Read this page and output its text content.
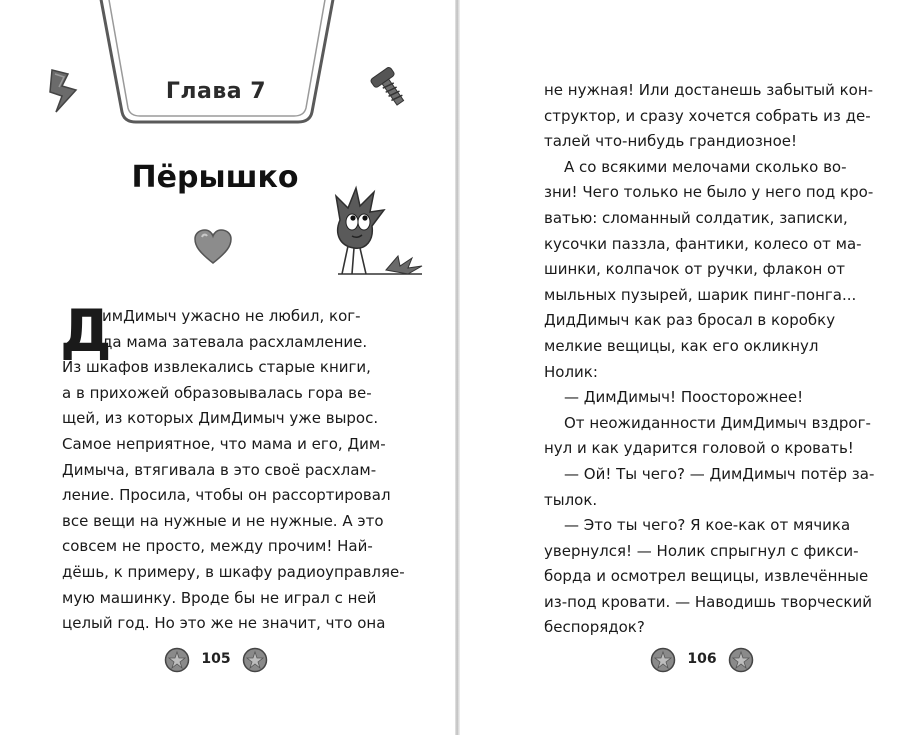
Глава 7
Пёрышко
Д
имДимыч ужасно не любил, ког-
да мама затевала расхламление.
Из шкафов извлекались старые книги,
а в прихожей образовывалась гора ве-
щей, из которых ДимДимыч уже вырос.
Самое неприятное, что мама и его, Дим-
Димыча, втягивала в это своё расхлам-
ление. Просила, чтобы он рассортировал
все вещи на нужные и не нужные. А это
совсем не просто, между прочим! Най-
дёшь, к примеру, в шкафу радиоуправляе-
мую машинку. Вроде бы не играл с ней
целый год. Но это же не значит, что она
не нужная! Или достанешь забытый кон-
структор, и сразу хочется собрать из де-
талей что-нибудь грандиозное!
А со всякими мелочами сколько во-
зни! Чего только не было у него под кро-
ватью: сломанный солдатик, записки,
кусочки паззла, фантики, колесо от ма-
шинки, колпачок от ручки, флакон от
мыльных пузырей, шарик пинг-понга...
ДидДимыч как раз бросал в коробку
мелкие вещицы, как его окликнул
Нолик:
— ДимДимыч! Поосторожнее!
От неожиданности ДимДимыч вздрог-
нул и как ударится головой о кровать!
— Ой! Ты чего? — ДимДимыч потёр за-
тылок.
— Это ты чего? Я кое-как от мячика
увернулся! — Нолик спрыгнул с фикси-
борда и осмотрел вещицы, извлечённые
из-под кровати. — Наводишь творческий
беспорядок?
105	106
